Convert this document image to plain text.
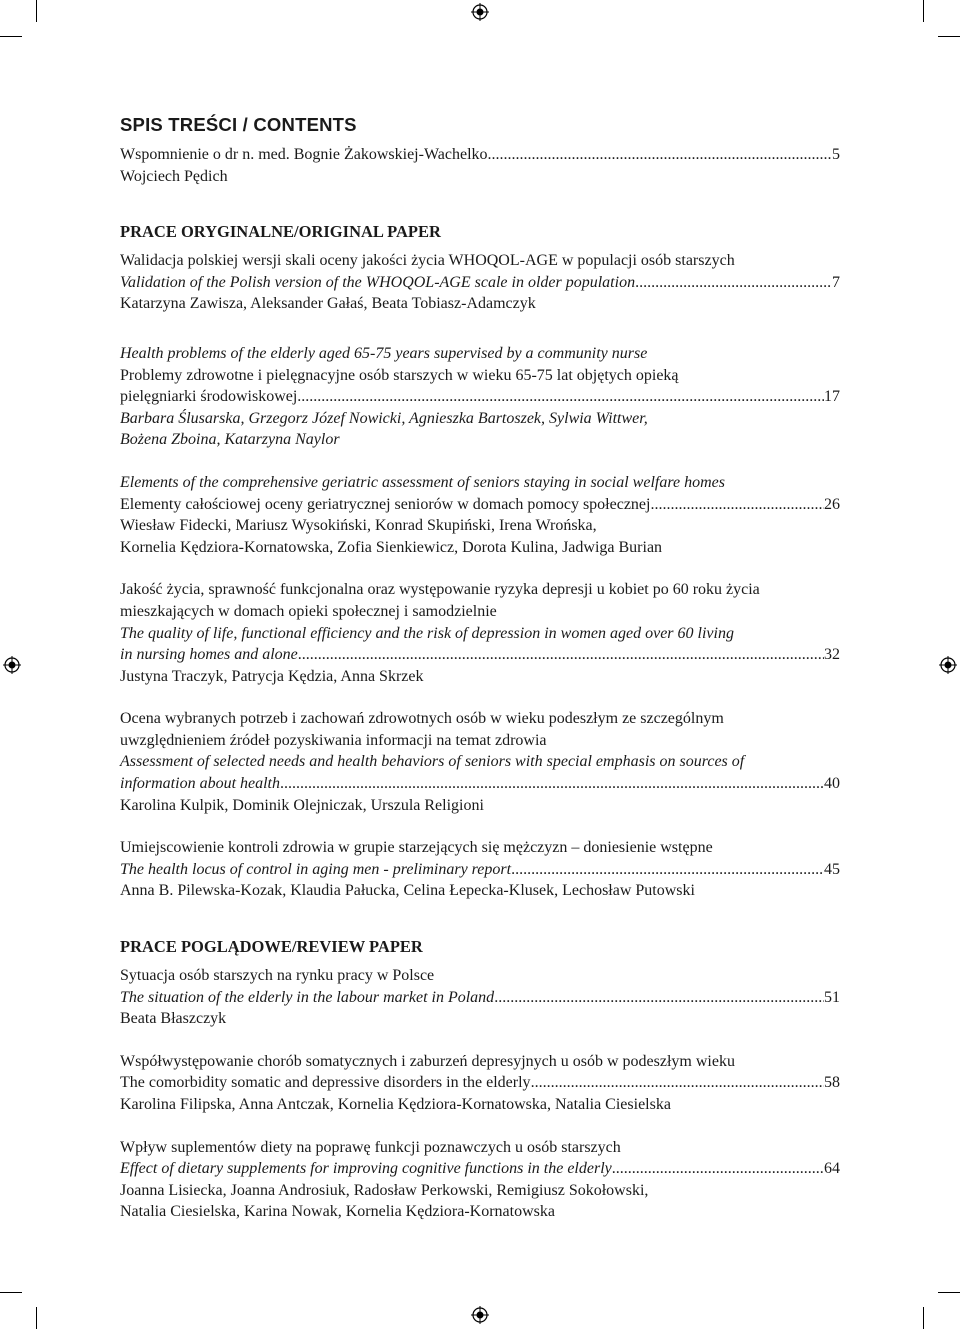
SPIS TREŚCI / CONTENTS
Wspomnienie o dr n. med. Bognie Żakowskiej-Wachelko .....	5
Wojciech Pędich
PRACE ORYGINALNE/ORIGINAL PAPER
Walidacja polskiej wersji skali oceny jakości życia WHOQOL-AGE w populacji osób starszych
Validation of the Polish version of the WHOQOL-AGE scale in older population .....	7
Katarzyna Zawisza, Aleksander Gałaś, Beata Tobiasz-Adamczyk
Health problems of the elderly aged 65-75 years supervised by a community nurse
Problemy zdrowotne i pielęgnacyjne osób starszych w wieku 65-75 lat objętych opieką
pielęgniarki środowiskowej .....	17
Barbara Ślusarska, Grzegorz Józef Nowicki, Agnieszka Bartoszek, Sylwia Wittwer,
Bożena Zboina, Katarzyna Naylor
Elements of the comprehensive geriatric assessment of seniors staying in social welfare homes
Elementy całościowej oceny geriatrycznej seniorów w domach pomocy społecznej .....	26
Wiesław Fidecki, Mariusz Wysokiński, Konrad Skupiński, Irena Wrońska,
Kornelia Kędziora-Kornatowska, Zofia Sienkiewicz, Dorota Kulina, Jadwiga Burian
Jakość życia, sprawność funkcjonalna oraz występowanie ryzyka depresji u kobiet po 60 roku życia
mieszkających w domach opieki społecznej i samodzielnie
The quality of life, functional efficiency and the risk of depression in women aged over 60 living
in nursing homes and alone .....	32
Justyna Traczyk, Patrycja Kędzia, Anna Skrzek
Ocena wybranych potrzeb i zachowań zdrowotnych osób w wieku podeszłym ze szczególnym
uwzględnieniem źródeł pozyskiwania informacji na temat zdrowia
Assessment of selected needs and health behaviors of seniors with special emphasis on sources of
information about health .....	40
Karolina Kulpik, Dominik Olejniczak, Urszula Religioni
Umiejscowienie kontroli zdrowia w grupie starzejących się mężczyzn – doniesienie wstępne
The health locus of control in aging men - preliminary report .....	45
Anna B. Pilewska-Kozak, Klaudia Pałucka, Celina Łepecka-Klusek, Lechosław Putowski
PRACE POGLĄDOWE/REVIEW PAPER
Sytuacja osób starszych na rynku pracy w Polsce
The situation of the elderly in the labour market in Poland .....	51
Beata Błaszczyk
Współwystępowanie chorób somatycznych i zaburzeń depresyjnych u osób w podeszłym wieku
The comorbidity somatic and depressive disorders in the elderly .....	58
Karolina Filipska, Anna Antczak, Kornelia Kędziora-Kornatowska, Natalia Ciesielska
Wpływ suplementów diety na poprawę funkcji poznawczych u osób starszych
Effect of dietary supplements for improving cognitive functions in the elderly .....	64
Joanna Lisiecka, Joanna Androsiuk, Radosław Perkowski, Remigiusz Sokołowski,
Natalia Ciesielska, Karina Nowak, Kornelia Kędziora-Kornatowska
